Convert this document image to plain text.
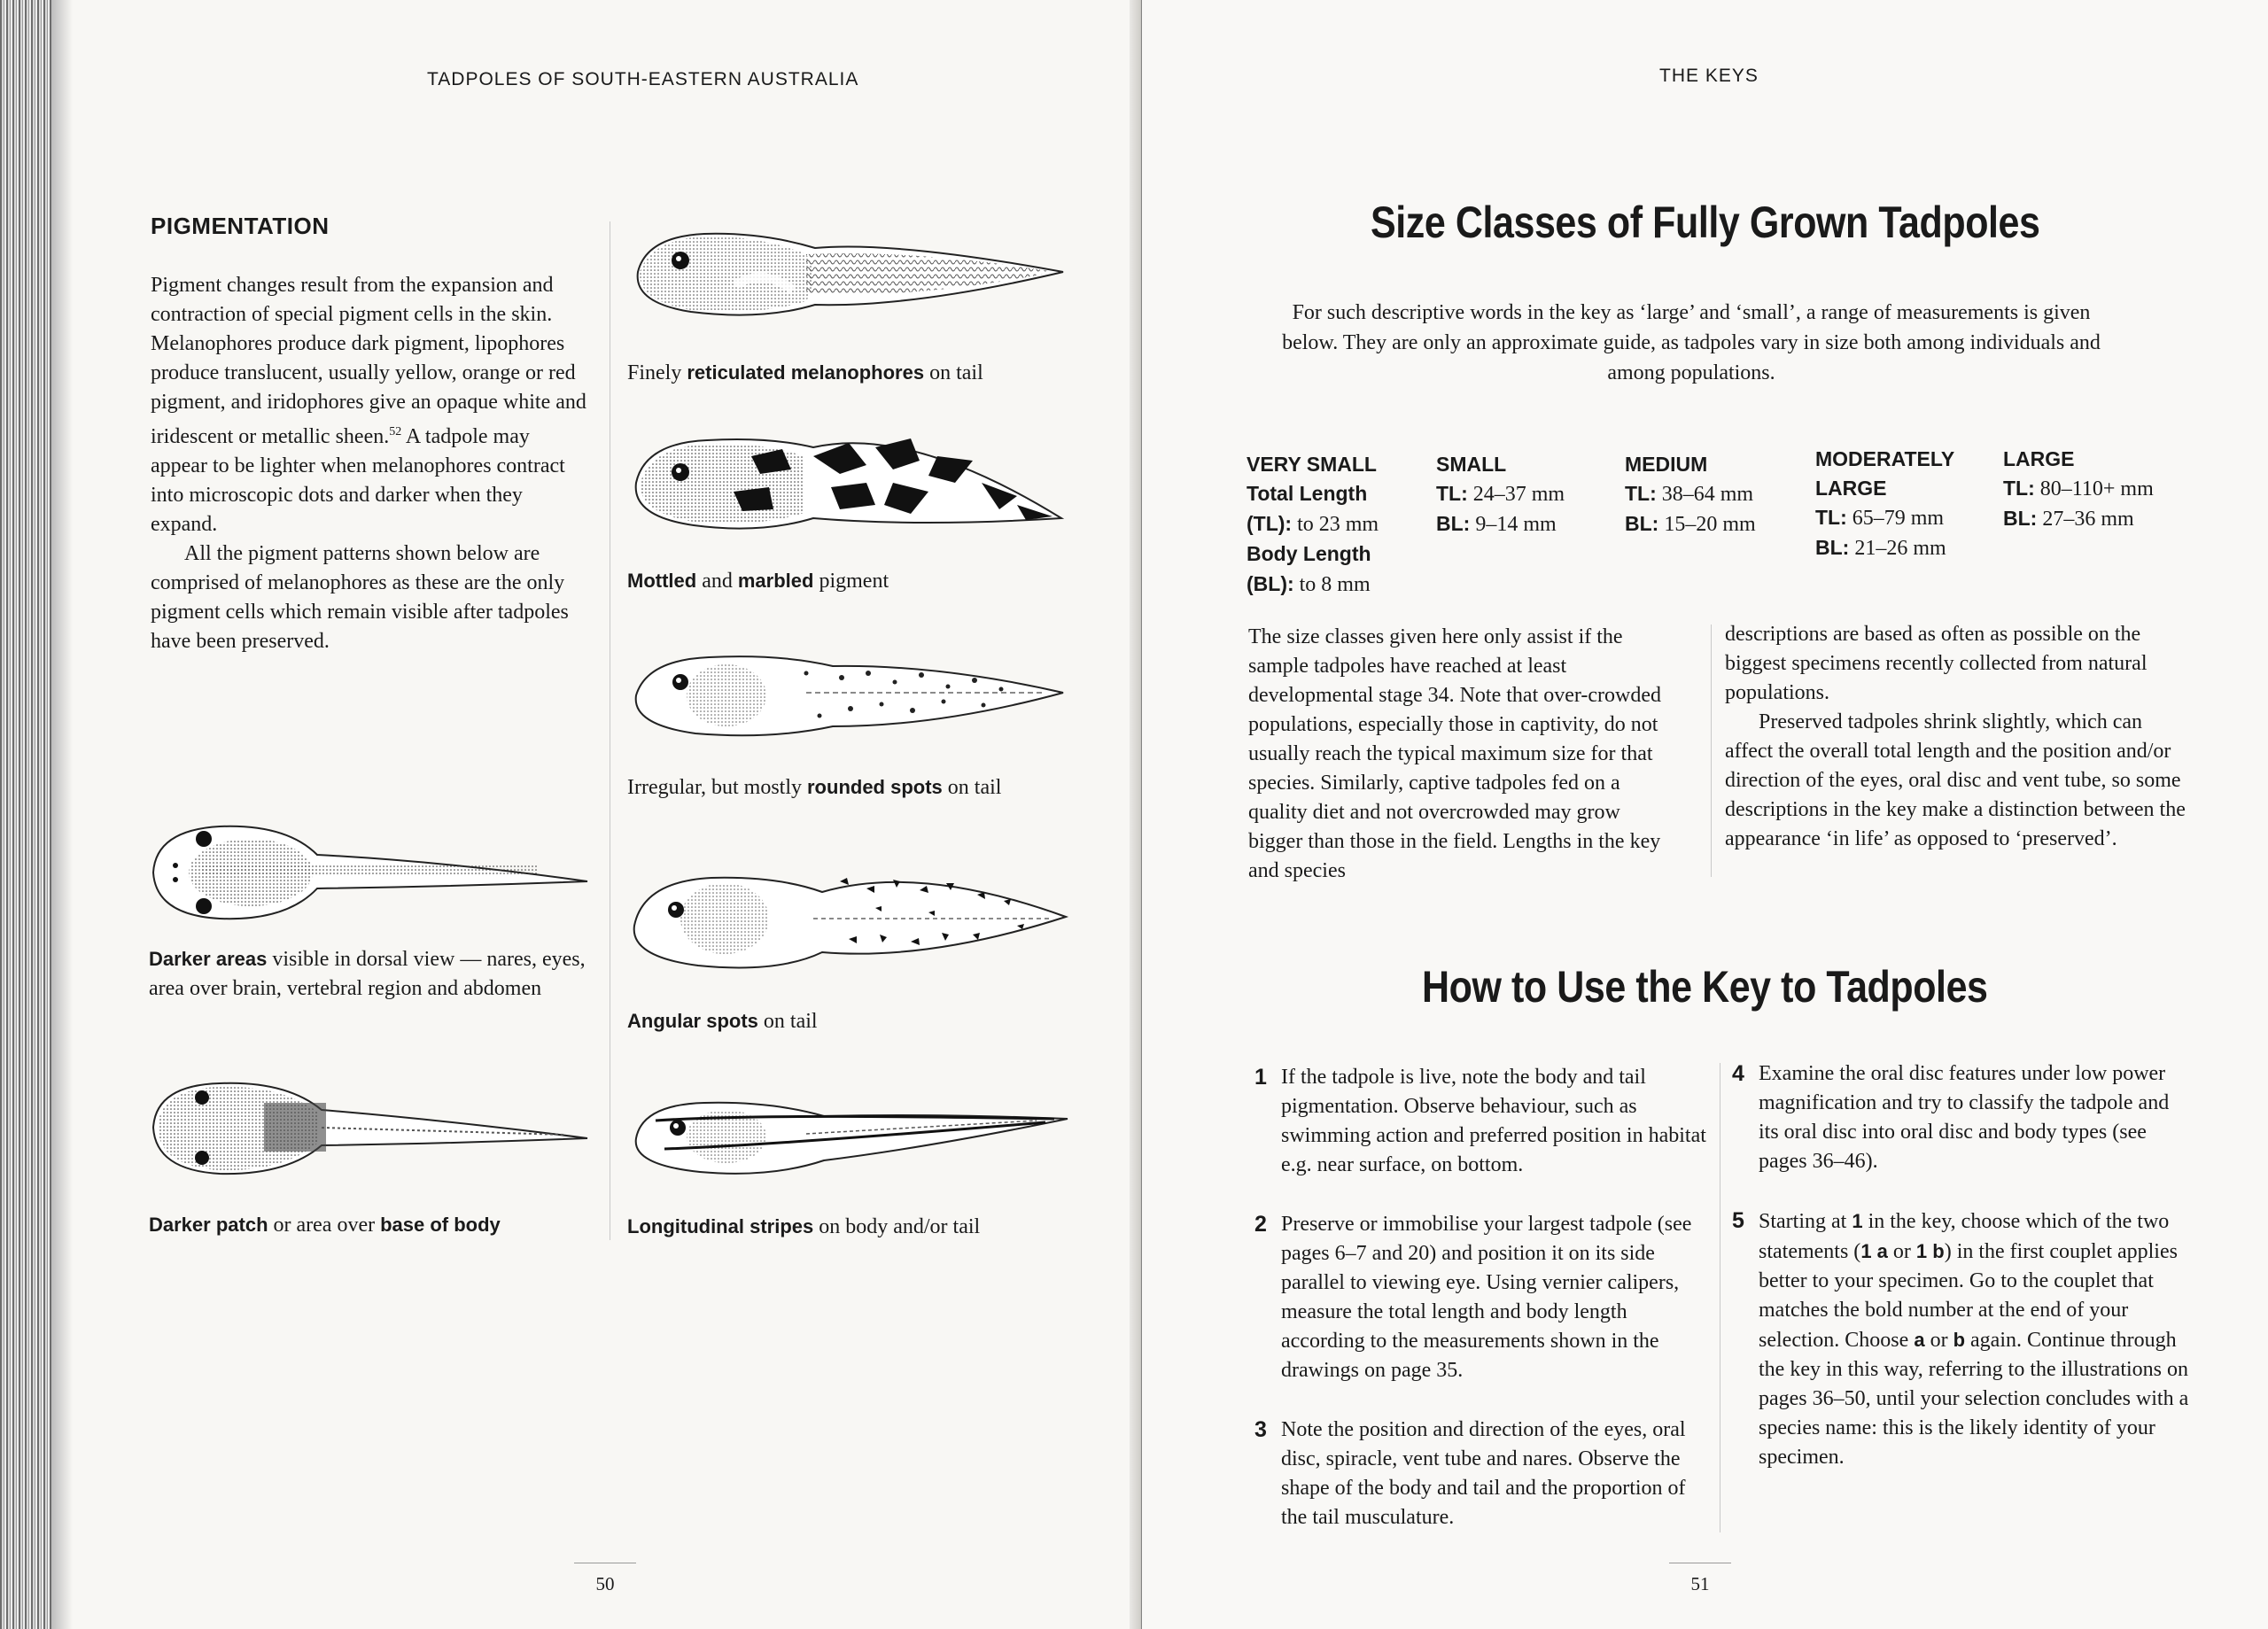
TADPOLES OF SOUTH-EASTERN AUSTRALIA
PIGMENTATION

Pigment changes result from the expansion and contraction of special pigment cells in the skin. Melanophores produce dark pigment, lipophores produce translucent, usually yellow, orange or red pigment, and iridophores give an opaque white and iridescent or metallic sheen.$^{52}$ A tadpole may appear to be lighter when melanophores contract into microscopic dots and darker when they expand.

All the pigment patterns shown below are comprised of melanophores as these are the only pigment cells which remain visible after tadpoles have been preserved.

Finely reticulated melanophores on tail
Mottled and marbled pigment
Irregular, but mostly rounded spots on tail
Angular spots on tail
Longitudinal stripes on body and/or tail
Darker areas visible in dorsal view — nares, eyes, area over brain, vertebral region and abdomen
Darker patch or area over base of body
50
THE KEYS
Size Classes of Fully Grown Tadpoles
For such descriptive words in the key as ‘large’ and ‘small’, a range of measurements is given below. They are only an approximate guide, as tadpoles vary in size both among individuals and among populations.
VERY SMALL
Total Length
(TL): to 23 mm
Body Length
(BL): to 8 mm
SMALL
TL: 24–37 mm
BL: 9–14 mm
MEDIUM
TL: 38–64 mm
BL: 15–20 mm
MODERATELY
LARGE
TL: 65–79 mm
BL: 21–26 mm
LARGE
TL: 80–110+ mm
BL: 27–36 mm
The size classes given here only assist if the sample tadpoles have reached at least developmental stage 34. Note that over-crowded populations, especially those in captivity, do not usually reach the typical maximum size for that species. Similarly, captive tadpoles fed on a quality diet and not overcrowded may grow bigger than those in the field. Lengths in the key and species

descriptions are based as often as possible on the biggest specimens recently collected from natural populations.

Preserved tadpoles shrink slightly, which can affect the overall total length and the position and/or direction of the eyes, oral disc and vent tube, so some descriptions in the key make a distinction between the appearance ‘in life’ as opposed to ‘preserved’.

How to Use the Key to Tadpoles
1 If the tadpole is live, note the body and tail pigmentation. Observe behaviour, such as swimming action and preferred position in habitat e.g. near surface, on bottom.
2 Preserve or immobilise your largest tadpole (see pages 6–7 and 20) and position it on its side parallel to viewing eye. Using vernier calipers, measure the total length and body length according to the measurements shown in the drawings on page 35.
3 Note the position and direction of the eyes, oral disc, spiracle, vent tube and nares. Observe the shape of the body and tail and the proportion of the tail musculature.
4 Examine the oral disc features under low power magnification and try to classify the tadpole and its oral disc into oral disc and body types (see pages 36–46).
5 Starting at 1 in the key, choose which of the two statements (1 a or 1 b) in the first couplet applies better to your specimen. Go to the couplet that matches the bold number at the end of your selection. Choose a or b again. Continue through the key in this way, referring to the illustrations on pages 36–50, until your selection concludes with a species name: this is the likely identity of your specimen.
51
